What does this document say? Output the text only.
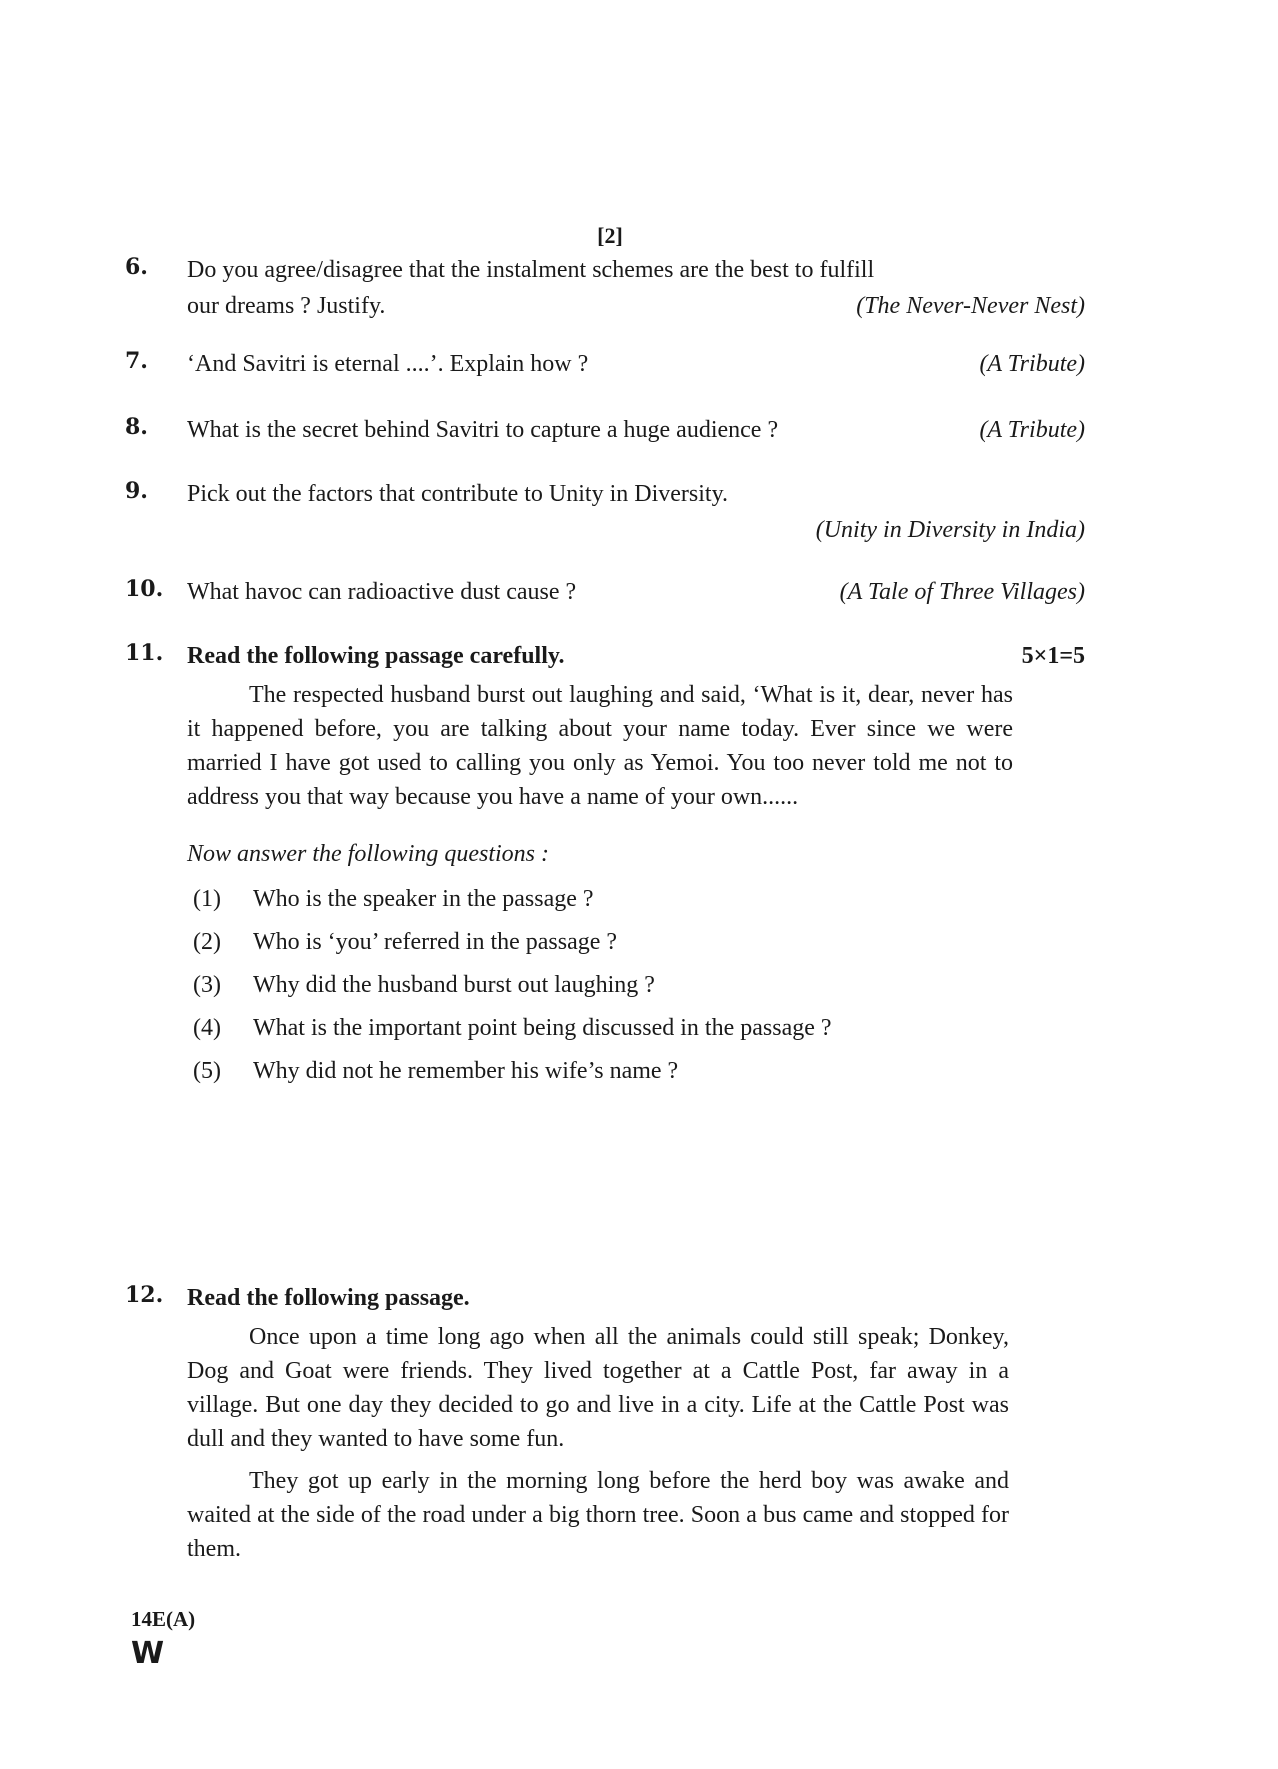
[2]
6. Do you agree/disagree that the instalment schemes are the best to fulfill
our dreams ? Justify.	(The Never-Never Nest)
7. ‘And Savitri is eternal ....’. Explain how ?	(A Tribute)
8. What is the secret behind Savitri to capture a huge audience ?	(A Tribute)
9. Pick out the factors that contribute to Unity in Diversity.
(Unity in Diversity in India)
10. What havoc can radioactive dust cause ?	(A Tale of Three Villages)
11. Read the following passage carefully.	5×1=5

The respected husband burst out laughing and said, ‘What is it, dear, never has it happened before, you are talking about your name today. Ever since we were married I have got used to calling you only as Yemoi. You too never told me not to address you that way because you have a name of your own......

Now answer the following questions :
(1)	Who is the speaker in the passage ?
(2)	Who is ‘you’ referred in the passage ?
(3)	Why did the husband burst out laughing ?
(4)	What is the important point being discussed in the passage ?
(5)	Why did not he remember his wife’s name ?
12. Read the following passage.

Once upon a time long ago when all the animals could still speak; Donkey, Dog and Goat were friends. They lived together at a Cattle Post, far away in a village. But one day they decided to go and live in a city. Life at the Cattle Post was dull and they wanted to have some fun.

They got up early in the morning long before the herd boy was awake and waited at the side of the road under a big thorn tree. Soon a bus came and stopped for them.

14E(A)
W
